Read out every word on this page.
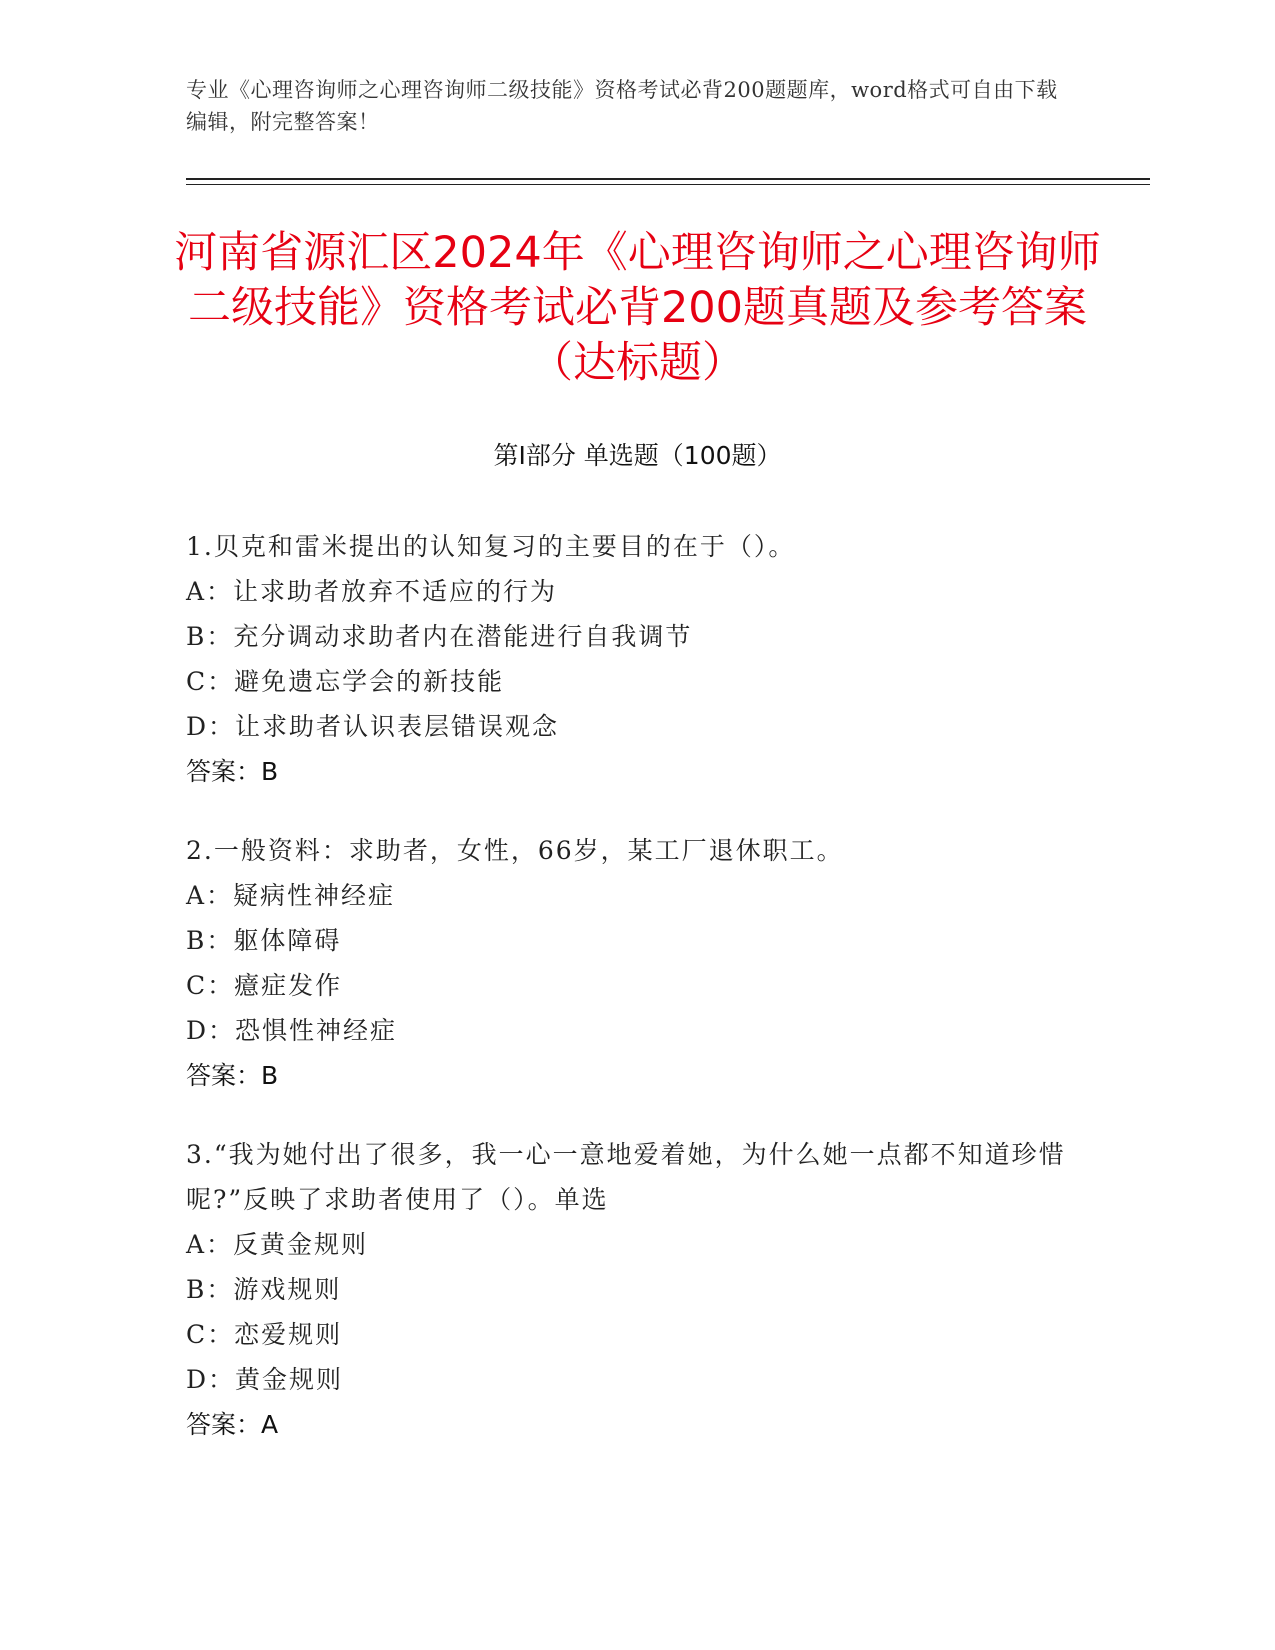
专业《心理咨询师之心理咨询师二级技能》资格考试必背200题题库，word格式可自由下载编辑，附完整答案！
河南省源汇区2024年《心理咨询师之心理咨询师二级技能》资格考试必背200题真题及参考答案（达标题）
第Ⅰ部分 单选题（100题）
1.贝克和雷米提出的认知复习的主要目的在于（）。
A：让求助者放弃不适应的行为
B：充分调动求助者内在潜能进行自我调节
C：避免遗忘学会的新技能
D：让求助者认识表层错误观念
答案：B
2.一般资料：求助者，女性，66岁，某工厂退休职工。
A：疑病性神经症
B：躯体障碍
C：癔症发作
D：恐惧性神经症
答案：B
3.“我为她付出了很多，我一心一意地爱着她，为什么她一点都不知道珍惜呢?”反映了求助者使用了（）。单选
A：反黄金规则
B：游戏规则
C：恋爱规则
D：黄金规则
答案：A
